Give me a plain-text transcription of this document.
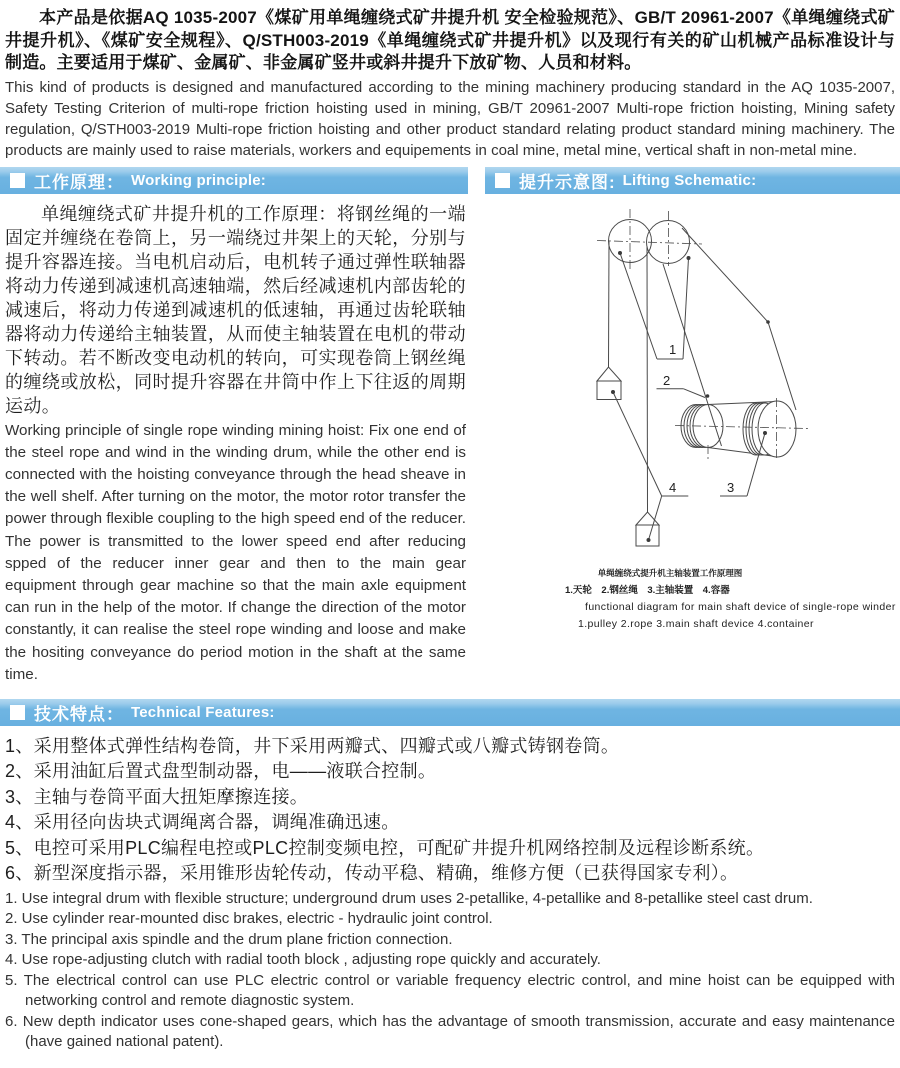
本产品是依据AQ 1035-2007《煤矿用单绳缠绕式矿井提升机 安全检验规范》、GB/T 20961-2007《单绳缠绕式矿井提升机》、《煤矿安全规程》、Q/STH003-2019《单绳缠绕式矿井提升机》以及现行有关的矿山机械产品标准设计与制造。主要适用于煤矿、金属矿、非金属矿竖井或斜井提升下放矿物、人员和材料。

This kind of products is designed and manufactured according to the mining machinery producing standard in the AQ 1035-2007, Safety Testing Criterion of multi-rope friction hoisting used in mining, GB/T 20961-2007 Multi-rope friction hoisting, Mining safety regulation, Q/STH003-2019 Multi-rope friction hoisting and other product standard relating product standard mining machinery. The products are mainly used to raise materials, workers and equipements in coal mine, metal mine, vertical shaft in non-metal mine.

工作原理： Working principle:

单绳缠绕式矿井提升机的工作原理：将钢丝绳的一端固定并缠绕在卷筒上，另一端绕过井架上的天轮，分别与提升容器连接。当电机启动后，电机转子通过弹性联轴器将动力传递到减速机高速轴端，然后经减速机内部齿轮的减速后，将动力传递到减速机的低速轴，再通过齿轮联轴器将动力传递给主轴装置，从而使主轴装置在电机的带动下转动。若不断改变电动机的转向，可实现卷筒上钢丝绳的缠绕或放松，同时提升容器在井筒中作上下往返的周期运动。

Working principle of single rope winding mining hoist: Fix one end of the steel rope and wind in the winding drum, while the other end is connected with the hoisting conveyance through the head sheave in the well shelf. After turning on the motor, the motor rotor transfer the power through flexible coupling to the high speed end of the reducer. The power is transmitted to the lower speed end after reducing spped of the reducer inner gear and then to the main gear equipment through gear machine so that the main axle equipment can run in the help of the motor. If change the direction of the motor constantly, it can realise the steel rope winding and loose and make the hositing conveyance do period motion in the shaft at the same time.

提升示意图: Lifting Schematic:
1
2
3
4
单绳缠绕式提升机主轴装置工作原理图
1.天轮　2.钢丝绳　3.主轴装置　4.容器
functional diagram for main shaft device of single-rope winder
1.pulley 2.rope 3.main shaft device 4.container
技术特点： Technical Features:

1、采用整体式弹性结构卷筒，井下采用两瓣式、四瓣式或八瓣式铸钢卷筒。

2、采用油缸后置式盘型制动器，电——液联合控制。

3、主轴与卷筒平面大扭矩摩擦连接。

4、采用径向齿块式调绳离合器，调绳准确迅速。

5、电控可采用PLC编程电控或PLC控制变频电控，可配矿井提升机网络控制及远程诊断系统。

6、新型深度指示器，采用锥形齿轮传动，传动平稳、精确，维修方便（已获得国家专利）。

1. Use integral drum with flexible structure; underground drum uses 2-petallike, 4-petallike and 8-petallike steel cast drum.

2. Use cylinder rear-mounted disc brakes, electric - hydraulic joint control.

3. The principal axis spindle and the drum plane friction connection.

4. Use rope-adjusting clutch with radial tooth block , adjusting rope quickly and accurately.

5. The electrical control can use PLC electric control or variable frequency electric control, and mine hoist can be equipped with networking control and remote diagnostic system.

6. New depth indicator uses cone-shaped gears, which has the advantage of smooth transmission, accurate and easy maintenance (have gained national patent).
